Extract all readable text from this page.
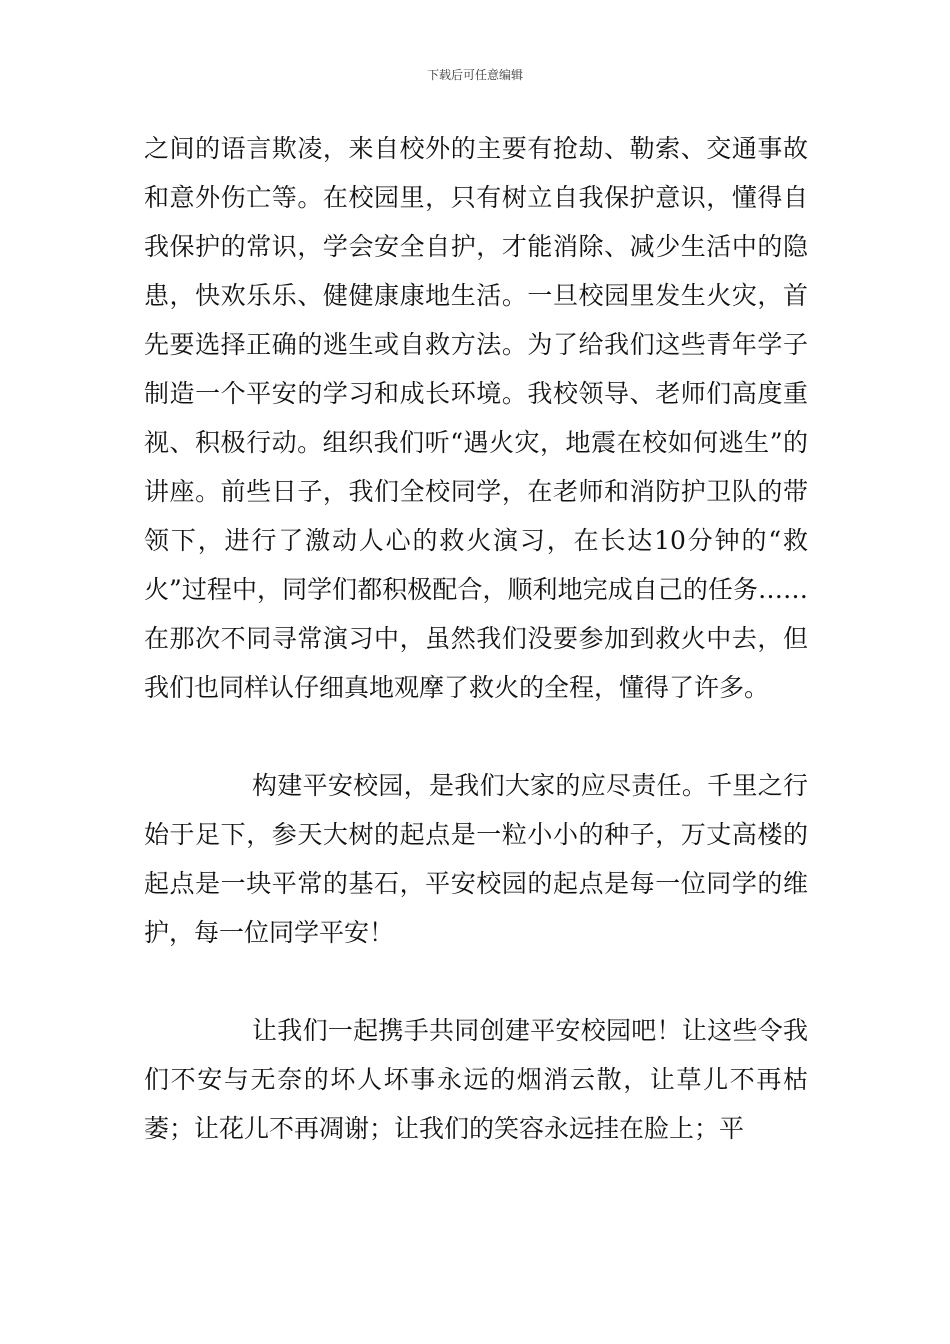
下载后可任意编辑

之间的语言欺凌，来自校外的主要有抢劫、勒索、交通事故和意外伤亡等。在校园里，只有树立自我保护意识，懂得自我保护的常识，学会安全自护，才能消除、减少生活中的隐患，快欢乐乐、健健康康地生活。一旦校园里发生火灾，首先要选择正确的逃生或自救方法。为了给我们这些青年学子制造一个平安的学习和成长环境。我校领导、老师们高度重视、积极行动。组织我们听“遇火灾，地震在校如何逃生”的讲座。前些日子，我们全校同学，在老师和消防护卫队的带领下，进行了激动人心的救火演习，在长达10分钟的“救火”过程中，同学们都积极配合，顺利地完成自己的任务……在那次不同寻常演习中，虽然我们没要参加到救火中去，但我们也同样认仔细真地观摩了救火的全程，懂得了许多。

构建平安校园，是我们大家的应尽责任。千里之行始于足下，参天大树的起点是一粒小小的种子，万丈高楼的起点是一块平常的基石，平安校园的起点是每一位同学的维护，每一位同学平安！

让我们一起携手共同创建平安校园吧！让这些令我们不安与无奈的坏人坏事永远的烟消云散，让草儿不再枯萎；让花儿不再凋谢；让我们的笑容永远挂在脸上；平
